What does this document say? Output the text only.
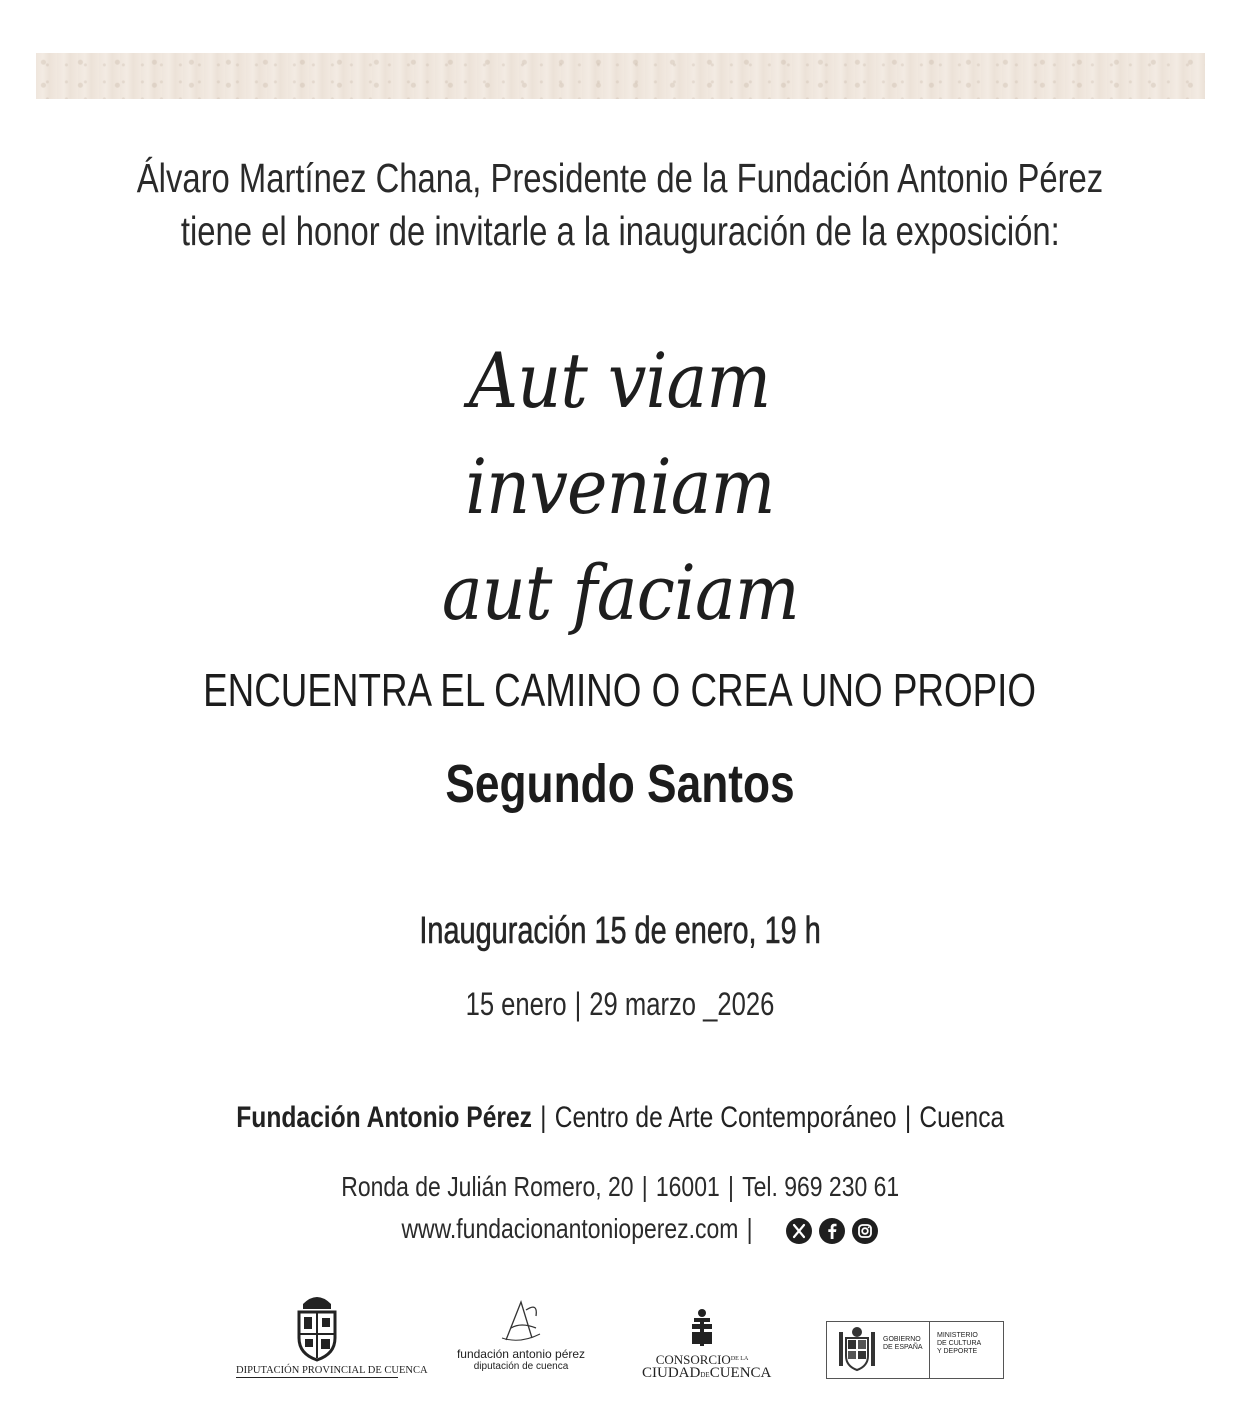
Álvaro Martínez Chana, Presidente de la Fundación Antonio Pérez
tiene el honor de invitarle a la inauguración de la exposición:
Aut viam
inveniam
aut faciam
ENCUENTRA EL CAMINO O CREA UNO PROPIO
Segundo Santos
Inauguración 15 de enero, 19 h
15 enero | 29 marzo _2026
Fundación Antonio Pérez | Centro de Arte Contemporáneo | Cuenca
Ronda de Julián Romero, 20 | 16001 | Tel. 969 230 61
www.fundacionantonioperez.com |
DIPUTACIÓN PROVINCIAL DE CUENCA
fundación antonio pérez
diputación de cuenca	$CONSORCIO^{DE LA}$
CIUDADDECUENCA
GOBIERNO
DE ESPAÑA
MINISTERIO
DE CULTURA
Y DEPORTE
